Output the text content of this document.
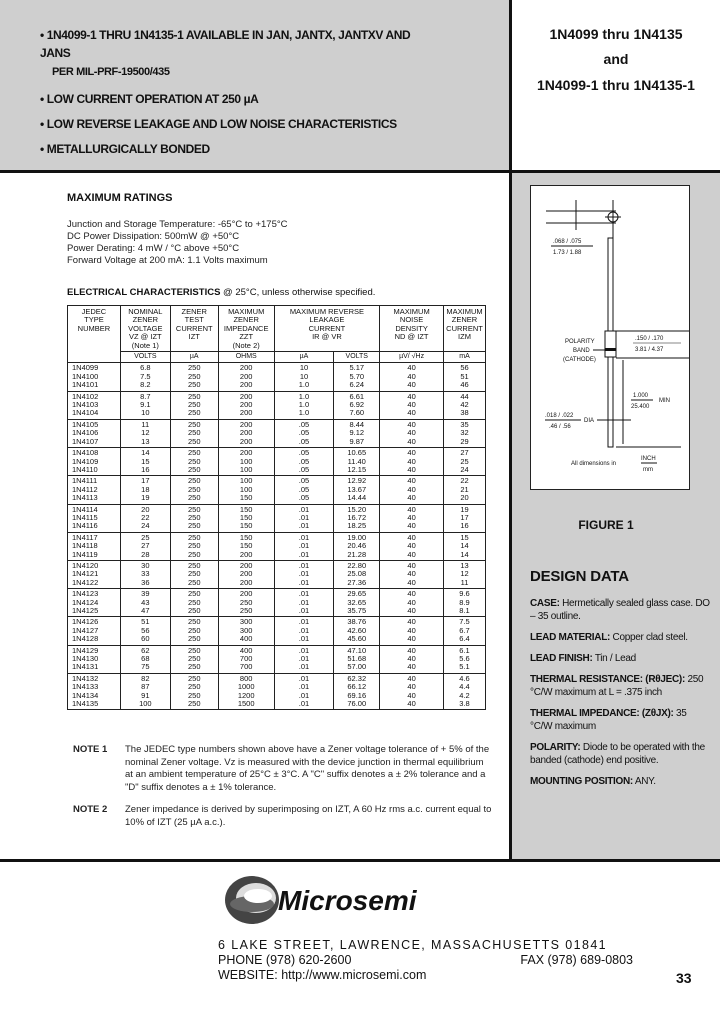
• 1N4099-1 THRU 1N4135-1 AVAILABLE IN JAN, JANTX, JANTXV AND
JANS
PER MIL-PRF-19500/435
• LOW CURRENT OPERATION AT 250 µA
• LOW REVERSE LEAKAGE AND LOW NOISE CHARACTERISTICS
• METALLURGICALLY BONDED
1N4099 thru 1N4135
and
1N4099-1 thru 1N4135-1
.068 / .075
1.73 / 1.88
POLARITY
BAND
(CATHODE)
.150 / .170
3.81 / 4.37
1.000
25.400
MIN
.018 / .022
.46 / .56
DIA
All dimensions in
INCH
mm
FIGURE 1
DESIGN DATA

CASE: Hermetically sealed glass case. DO – 35 outline.

LEAD MATERIAL: Copper clad steel.

LEAD FINISH: Tin / Lead

THERMAL RESISTANCE: (RθJEC): 250 °C/W maximum at L = .375 inch

THERMAL IMPEDANCE: (ZθJX): 35 °C/W maximum

POLARITY: Diode to be operated with the banded (cathode) end positive.

MOUNTING POSITION: ANY.

MAXIMUM RATINGS
Junction and Storage Temperature: -65°C to +175°C
DC Power Dissipation: 500mW @ +50°C
Power Derating: 4 mW / °C above +50°C
Forward Voltage at 200 mA: 1.1 Volts maximum
ELECTRICAL CHARACTERISTICS @ 25°C, unless otherwise specified.
JEDEC
TYPE
NUMBER	NOMINAL
ZENER
VOLTAGE
VZ @ IZT
(Note 1)	ZENER
TEST
CURRENT
IZT	MAXIMUM
ZENER
IMPEDANCE
ZZT
(Note 2)	MAXIMUM REVERSE
LEAKAGE
CURRENT
IR @ VR		MAXIMUM
NOISE
DENSITY
ND @ IZT	MAXIMUM
ZENER
CURRENT
IZM
	VOLTS	µA	OHMS	µA	VOLTS	µV/ √Hz	mA
1N4099	6.8	250	200	10	5.17	40	56
1N4100	7.5	250	200	10	5.70	40	51
1N4101	8.2	250	200	1.0	6.24	40	46
1N4102	8.7	250	200	1.0	6.61	40	44
1N4103	9.1	250	200	1.0	6.92	40	42
1N4104	10	250	200	1.0	7.60	40	38
1N4105	11	250	200	.05	8.44	40	35
1N4106	12	250	200	.05	9.12	40	32
1N4107	13	250	200	.05	9.87	40	29
1N4108	14	250	200	.05	10.65	40	27
1N4109	15	250	100	.05	11.40	40	25
1N4110	16	250	100	.05	12.15	40	24
1N4111	17	250	100	.05	12.92	40	22
1N4112	18	250	100	.05	13.67	40	21
1N4113	19	250	150	.05	14.44	40	20
1N4114	20	250	150	.01	15.20	40	19
1N4115	22	250	150	.01	16.72	40	17
1N4116	24	250	150	.01	18.25	40	16
1N4117	25	250	150	.01	19.00	40	15
1N4118	27	250	150	.01	20.46	40	14
1N4119	28	250	200	.01	21.28	40	14
1N4120	30	250	200	.01	22.80	40	13
1N4121	33	250	200	.01	25.08	40	12
1N4122	36	250	200	.01	27.36	40	11
1N4123	39	250	200	.01	29.65	40	9.6
1N4124	43	250	250	.01	32.65	40	8.9
1N4125	47	250	250	.01	35.75	40	8.1
1N4126	51	250	300	.01	38.76	40	7.5
1N4127	56	250	300	.01	42.60	40	6.7
1N4128	60	250	400	.01	45.60	40	6.4
1N4129	62	250	400	.01	47.10	40	6.1
1N4130	68	250	700	.01	51.68	40	5.6
1N4131	75	250	700	.01	57.00	40	5.1
1N4132	82	250	800	.01	62.32	40	4.6
1N4133	87	250	1000	.01	66.12	40	4.4
1N4134	91	250	1200	.01	69.16	40	4.2
1N4135	100	250	1500	.01	76.00	40	3.8
NOTE 1	The JEDEC type numbers shown above have a Zener voltage tolerance of + 5% of the nominal Zener voltage. Vz is measured with the device junction in thermal equilibrium at an ambient temperature of 25°C ± 3°C. A "C" suffix denotes a ± 2% tolerance and a "D" suffix denotes a ± 1% tolerance.
NOTE 2	Zener impedance is derived by superimposing on IZT, A 60 Hz rms a.c. current equal to 10% of IZT (25 µA a.c.).
Microsemi
6 LAKE STREET, LAWRENCE, MASSACHUSETTS 01841
PHONE (978) 620-2600	FAX (978) 689-0803
WEBSITE: http://www.microsemi.com	33
